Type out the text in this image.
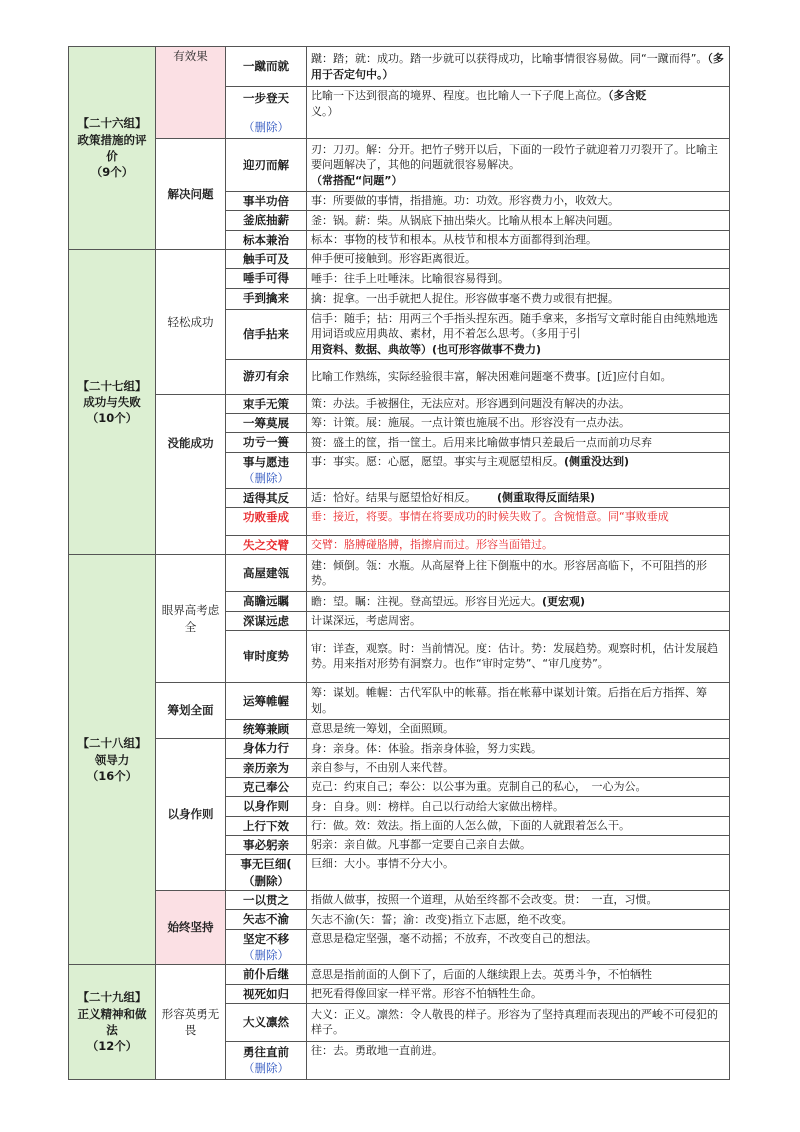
【二十六组】
政策措施的评价
（9个）	有效果	一蹴而就	蹴：踏；就：成功。踏一步就可以获得成功，比喻事情很容易做。同“一蹴而得”。（多用于否定句中。）
		一步登天
（删除）	比喻一下达到很高的境界、程度。也比喻人一下子爬上高位。（多含贬
义。）
	解决问题	迎刃而解	刃：刀刃。解：分开。把竹子劈开以后，下面的一段竹子就迎着刀刃裂开了。比喻主要问题解决了，其他的问题就很容易解决。
（常搭配“问题”）
		事半功倍	事：所要做的事情，指措施。功：功效。形容费力小，收效大。
		釜底抽薪	釜：锅。薪：柴。从锅底下抽出柴火。比喻从根本上解决问题。
		标本兼治	标本：事物的枝节和根本。从枝节和根本方面都得到治理。
【二十七组】
成功与失败
（10个）	轻松成功	触手可及	伸手便可接触到。形容距离很近。
		唾手可得	唾手：往手上吐唾沫。比喻很容易得到。
		手到擒来	擒：捉拿。一出手就把人捉住。形容做事毫不费力或很有把握。
		信手拈来	信手：随手；拈：用两三个手指头捏东西。随手拿来，多指写文章时能自由纯熟地选用词语或应用典故、素材，用不着怎么思考。（多用于引
用资料、数据、典故等）(也可形容做事不费力)
		游刃有余	比喻工作熟练，实际经验很丰富，解决困难问题毫不费事。[近]应付自如。
	没能成功	束手无策	策：办法。手被捆住，无法应对。形容遇到问题没有解决的办法。
		一筹莫展	筹：计策。展：施展。一点计策也施展不出。形容没有一点办法。
		功亏一篑	篑：盛土的筐，指一筐土。后用来比喻做事情只差最后一点而前功尽弃
		事与愿违
（删除）	事：事实。愿：心愿，愿望。事实与主观愿望相反。(侧重没达到)
		适得其反	适：恰好。结果与愿望恰好相反。 (侧重取得反面结果)
		功败垂成	垂：接近，将要。事情在将要成功的时候失败了。含惋惜意。同“事败垂成
		失之交臂	交臂：胳膊碰胳膊，指擦肩而过。形容当面错过。
【二十八组】
领导力
（16个）	眼界高考虑全	高屋建瓴	建：倾倒。瓴：水瓶。从高屋脊上往下倒瓶中的水。形容居高临下，不可阻挡的形势。
		高瞻远瞩	瞻：望。瞩：注视。登高望远。形容目光远大。(更宏观)
		深谋远虑	计谋深远，考虑周密。
		审时度势	审：详查，观察。时：当前情况。度：估计。势：发展趋势。观察时机，估计发展趋势。用来指对形势有洞察力。也作“审时定势”、“审几度势”。
	筹划全面	运筹帷幄	筹：谋划。帷幄：古代军队中的帐幕。指在帐幕中谋划计策。后指在后方指挥、筹划。
		统筹兼顾	意思是统一筹划，全面照顾。
	以身作则	身体力行	身：亲身。体：体验。指亲身体验，努力实践。
		亲历亲为	亲自参与，不由别人来代替。
		克己奉公	克己：约束自己；奉公：以公事为重。克制自己的私心，　一心为公。
		以身作则	身：自身。则：榜样。自己以行动给大家做出榜样。
		上行下效	行：做。效：效法。指上面的人怎么做，下面的人就跟着怎么干。
		事必躬亲	躬亲：亲自做。凡事都一定要自己亲自去做。
		事无巨细(
（删除）	巨细：大小。事情不分大小。
	始终坚持	一以贯之	指做人做事，按照一个道理，从始至终都不会改变。贯：　一直，习惯。
		矢志不渝	矢志不渝(矢：誓；渝：改变)指立下志愿，绝不改变。
		坚定不移
（删除）	意思是稳定坚强，毫不动摇；不放弃，不改变自己的想法。
【二十九组】
正义精神和做法
（12个）	形容英勇无畏	前仆后继	意思是指前面的人倒下了，后面的人继续跟上去。英勇斗争，不怕牺牲
		视死如归	把死看得像回家一样平常。形容不怕牺牲生命。
		大义凛然	大义：正义。凛然：令人敬畏的样子。形容为了坚持真理而表现出的严峻不可侵犯的样子。
		勇往直前
（删除）	往：去。勇敢地一直前进。
